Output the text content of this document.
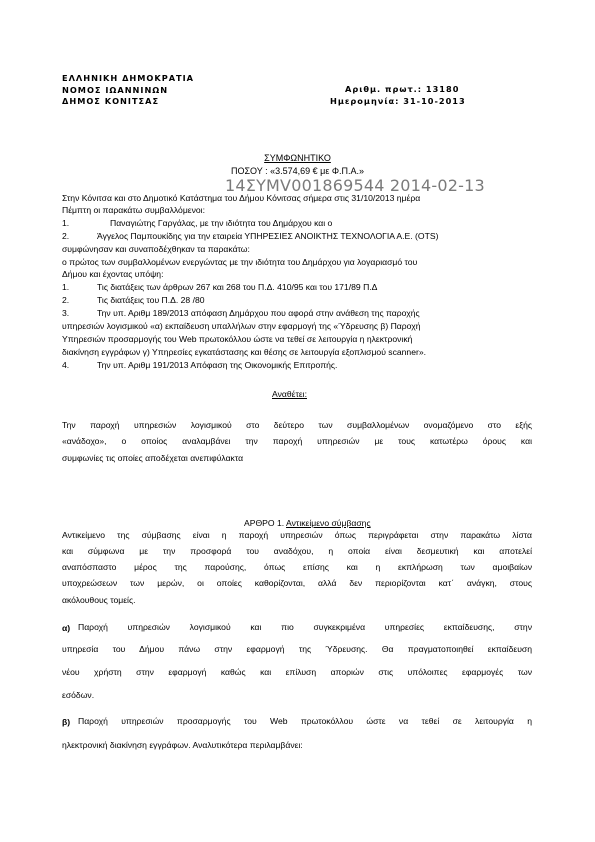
ΕΛΛΗΝΙΚΗ ΔΗΜΟΚΡΑΤΙΑ
ΝΟΜΟΣ ΙΩΑΝΝΙΝΩΝ
ΔΗΜΟΣ ΚΟΝΙΤΣΑΣ
Αριθμ. πρωτ.: 13180
Ημερομηνία: 31-10-2013
ΣΥΜΦΩΝΗΤΙΚΟ
ΠΟΣΟΥ : «3.574,69 € με Φ.Π.Α.»
14ΣΥΜV001869544 2014-02-13
Στην Κόνιτσα και στο Δημοτικό Κατάστημα του Δήμου Κόνιτσας σήμερα στις 31/10/2013 ημέρα
Πέμπτη οι παρακάτω συμβαλλόμενοι:
1.	Παναγιώτης Γαργάλας, με την ιδιότητα του Δημάρχου και ο
2.	Άγγελος Παμπουκίδης για την εταιρεία ΥΠΗΡΕΣΙΕΣ ΑΝΟΙΚΤΗΣ ΤΕΧΝΟΛΟΓΙΑ Α.Ε. (OTS)
συμφώνησαν και συναποδέχθηκαν τα παρακάτω:
ο πρώτος των συμβαλλομένων ενεργώντας με την ιδιότητα του Δημάρχου για λογαριασμό του
Δήμου και έχοντας υπόψη:
1.	Τις διατάξεις των άρθρων 267 και 268 του Π.Δ. 410/95 και του 171/89 Π.Δ
2.	Τις διατάξεις του Π.Δ. 28 /80
3.	Την υπ. Αριθμ 189/2013 απόφαση Δημάρχου που αφορά στην ανάθεση της παροχής
υπηρεσιών λογισμικού «α) εκπαίδευση υπαλλήλων στην εφαρμογή της «Ύδρευσης β) Παροχή
Υπηρεσιών προσαρμογής του Web πρωτοκόλλου ώστε να τεθεί σε λειτουργία η ηλεκτρονική
διακίνηση εγγράφων γ) Υπηρεσίες εγκατάστασης και θέσης σε λειτουργία εξοπλισμού scanner».
4.	Την υπ. Αριθμ 191/2013 Απόφαση της Οικονομικής Επιτροπής.
Αναθέτει:
Την παροχή υπηρεσιών λογισμικού στο δεύτερο των συμβαλλομένων ονομαζόμενο στο εξής
«ανάδοχο», ο οποίος αναλαμβάνει την παροχή υπηρεσιών με τους κατωτέρω όρους και
συμφωνίες τις οποίες αποδέχεται ανεπιφύλακτα
ΑΡΘΡΟ 1. Αντικείμενο σύμβασης
Αντικείμενο της σύμβασης είναι η παροχή υπηρεσιών όπως περιγράφεται στην παρακάτω λίστα
και σύμφωνα με την προσφορά του αναδόχου, η οποία είναι δεσμευτική και αποτελεί
αναπόσπαστο μέρος της παρούσης, όπως επίσης και η εκπλήρωση των αμοιβαίων
υποχρεώσεων των μερών, οι οποίες καθορίζονται, αλλά δεν περιορίζονται κατ΄ ανάγκη, στους
ακόλουθους τομείς.
α) Παροχή υπηρεσιών λογισμικού και πιο συγκεκριμένα υπηρεσίες εκπαίδευσης, στην
υπηρεσία του Δήμου πάνω στην εφαρμογή της Ύδρευσης. Θα πραγματοποιηθεί εκπαίδευση
νέου χρήστη στην εφαρμογή καθώς και επίλυση αποριών στις υπόλοιπες εφαρμογές των
εσόδων.
β) Παροχή υπηρεσιών προσαρμογής του Web πρωτοκόλλου ώστε να τεθεί σε λειτουργία η
ηλεκτρονική διακίνηση εγγράφων. Αναλυτικότερα περιλαμβάνει:
